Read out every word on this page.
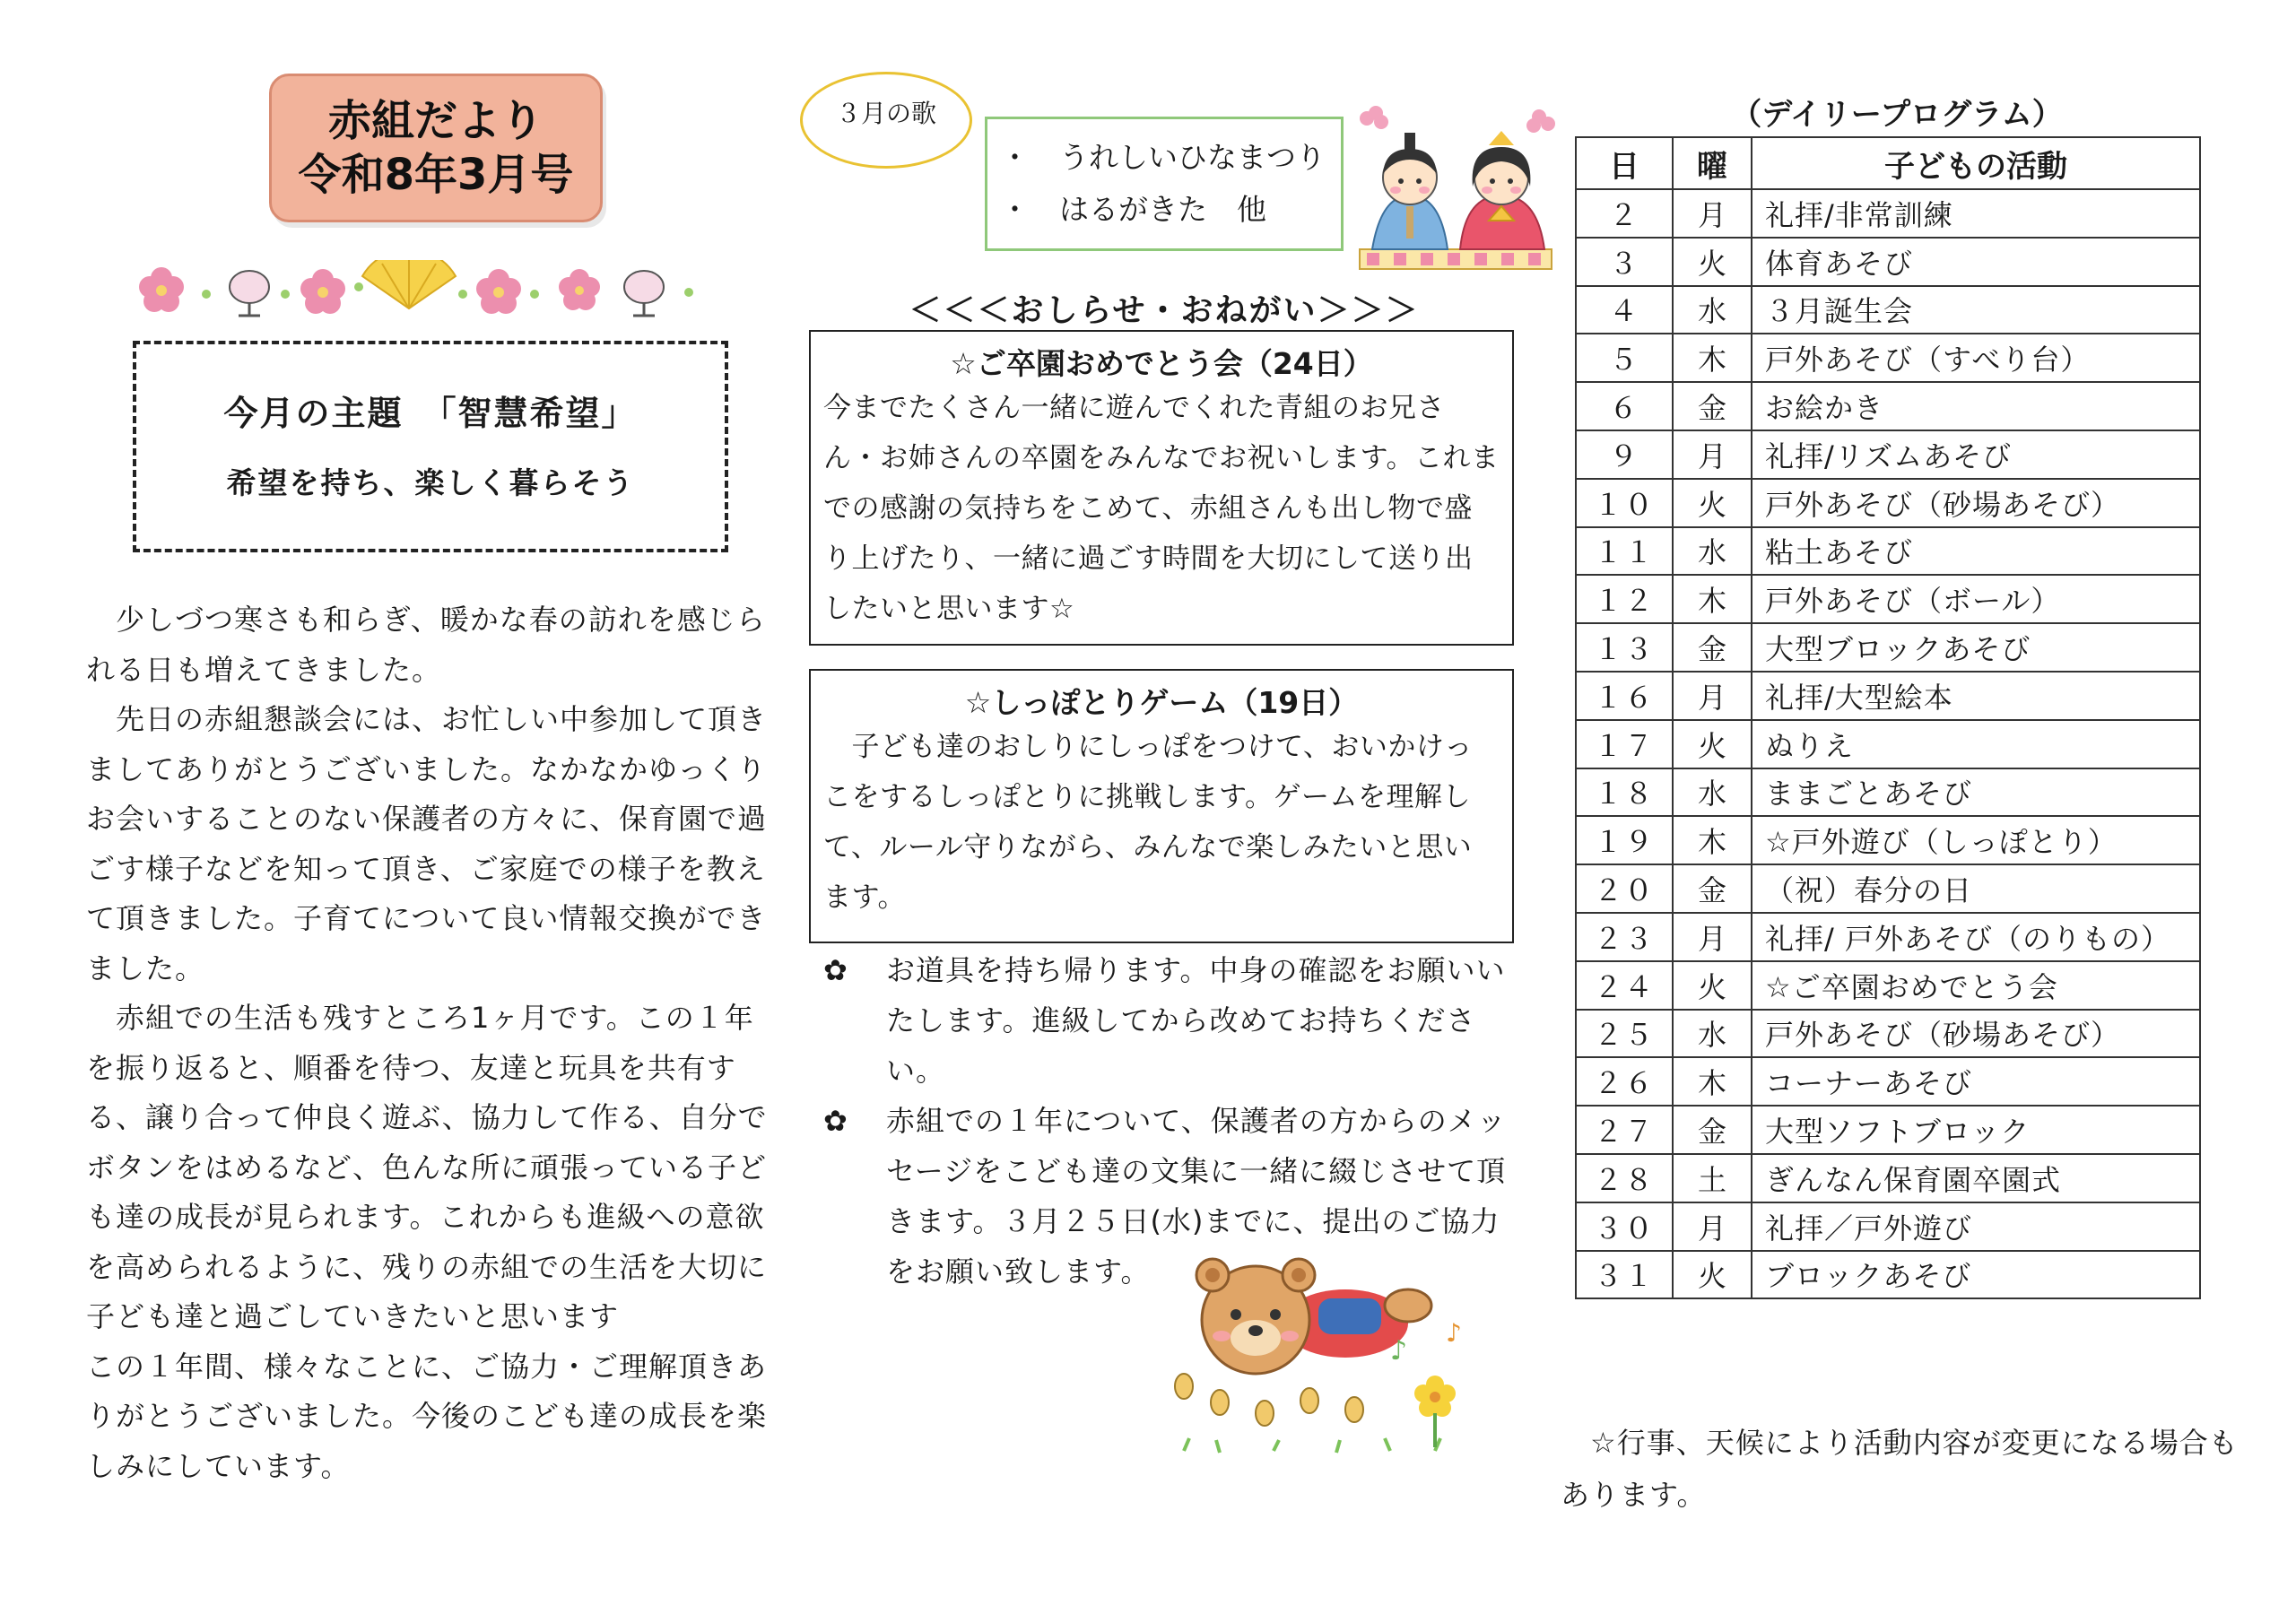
赤組だより
令和8年3月号
今月の主題　「智慧希望」
希望を持ち、楽しく暮らそう

　少しづつ寒さも和らぎ、暖かな春の訪れを感じられる日も増えてきました。

　先日の赤組懇談会には、お忙しい中参加して頂きましてありがとうございました。なかなかゆっくりお会いすることのない保護者の方々に、保育園で過ごす様子などを知って頂き、ご家庭での様子を教えて頂きました。子育てについて良い情報交換ができました。

　赤組での生活も残すところ1ヶ月です。この１年を振り返ると、順番を待つ、友達と玩具を共有する、譲り合って仲良く遊ぶ、協力して作る、自分でボタンをはめるなど、色んな所に頑張っている子ども達の成長が見られます。これからも進級への意欲を高められるように、残りの赤組での生活を大切に子ども達と過ごしていきたいと思います

この１年間、様々なことに、ご協力・ご理解頂きありがとうございました。今後のこども達の成長を楽しみにしています。

３月の歌
・　うれしいひなまつり
・　はるがきた　他
＜＜＜おしらせ・おねがい＞＞＞
☆ご卒園おめでとう会（24日）
今までたくさん一緒に遊んでくれた青組のお兄さん・お姉さんの卒園をみんなでお祝いします。これまでの感謝の気持ちをこめて、赤組さんも出し物で盛り上げたり、一緒に過ごす時間を大切にして送り出したいと思います☆
☆しっぽとりゲーム（19日）
　子ども達のおしりにしっぽをつけて、おいかけっこをするしっぽとりに挑戦します。ゲームを理解して、ルール守りながら、みんなで楽しみたいと思います。
✿ お道具を持ち帰ります。中身の確認をお願いいたします。進級してから改めてお持ちください。
✿ 赤組での１年について、保護者の方からのメッセージをこども達の文集に一緒に綴じさせて頂きます。３月２５日(水)までに、提出のご協力をお願い致します。
♪
♪
（デイリープログラム）
日	曜	子どもの活動
２	月	礼拝/非常訓練
３	火	体育あそび
４	水	３月誕生会
５	木	戸外あそび（すべり台）
６	金	お絵かき
９	月	礼拝/リズムあそび
１０	火	戸外あそび（砂場あそび）
１１	水	粘土あそび
１２	木	戸外あそび（ボール）
１３	金	大型ブロックあそび
１６	月	礼拝/大型絵本
１７	火	ぬりえ
１８	水	ままごとあそび
１９	木	☆戸外遊び（しっぽとり）
２０	金	（祝）春分の日
２３	月	礼拝/ 戸外あそび（のりもの）
２４	火	☆ご卒園おめでとう会
２５	水	戸外あそび（砂場あそび）
２６	木	コーナーあそび
２７	金	大型ソフトブロック
２８	土	ぎんなん保育園卒園式
３０	月	礼拝／戸外遊び
３１	火	ブロックあそび
　☆行事、天候により活動内容が変更になる場合もあります。
